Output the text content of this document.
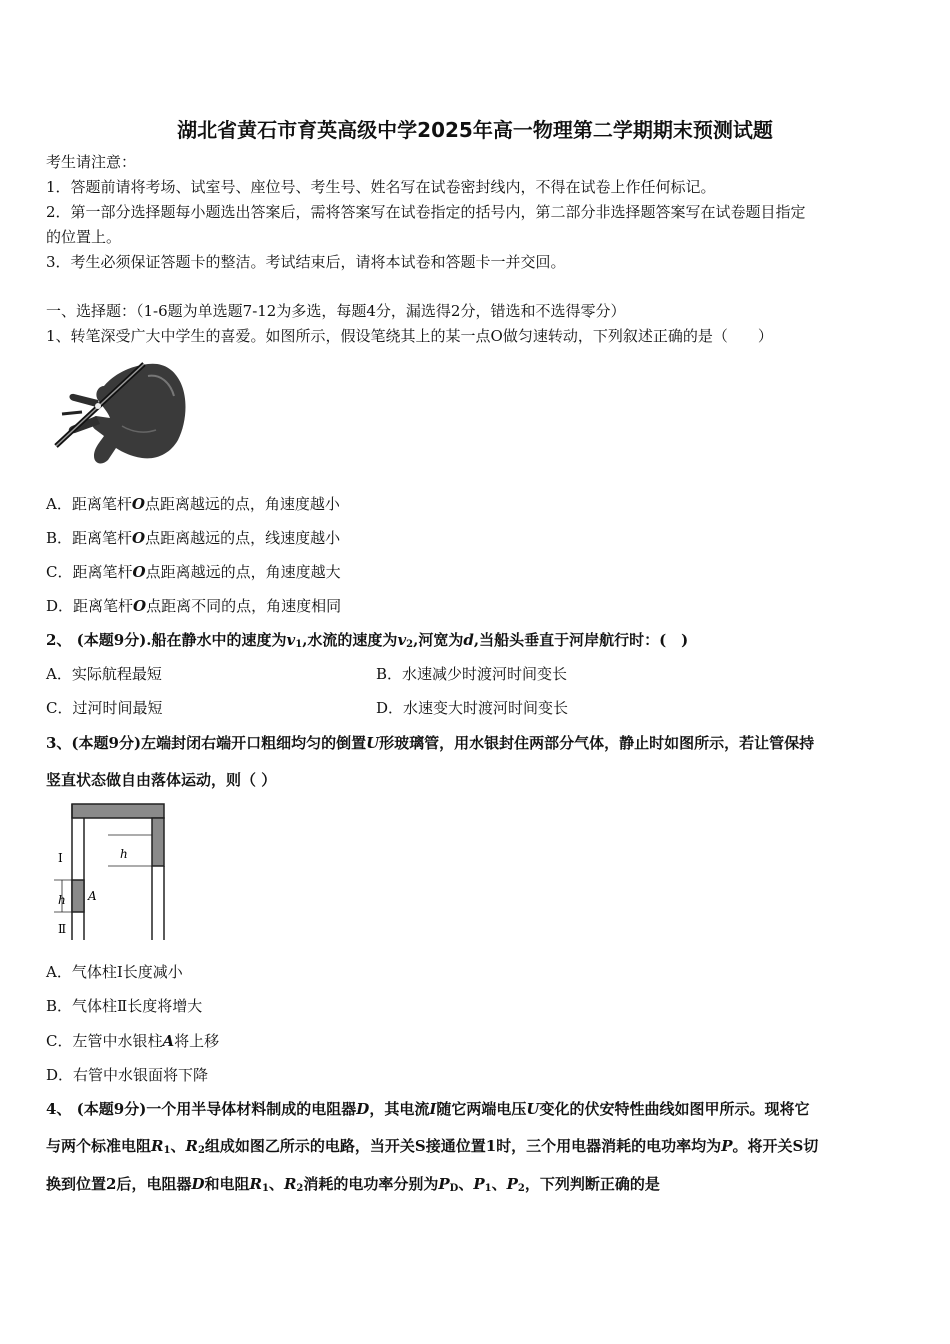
湖北省黄石市育英高级中学2025年高一物理第二学期期末预测试题
考生请注意：
1．答题前请将考场、试室号、座位号、考生号、姓名写在试卷密封线内，不得在试卷上作任何标记。
2．第一部分选择题每小题选出答案后，需将答案写在试卷指定的括号内，第二部分非选择题答案写在试卷题目指定
的位置上。
3．考生必须保证答题卡的整洁。考试结束后，请将本试卷和答题卡一并交回。
一、选择题：（1-6题为单选题7-12为多选，每题4分，漏选得2分，错选和不选得零分）
1、转笔深受广大中学生的喜爱。如图所示，假设笔绕其上的某一点O做匀速转动，下列叙述正确的是（　　）
A．距离笔杆O点距离越远的点，角速度越小
B．距离笔杆O点距离越远的点，线速度越小
C．距离笔杆O点距离越远的点，角速度越大
D．距离笔杆O点距离不同的点，角速度相同
2、 (本题9分).船在静水中的速度为$v_1$,水流的速度为$v_2$,河宽为d,当船头垂直于河岸航行时：(　)
A．实际航程最短	B．水速减少时渡河时间变长
C．过河时间最短	D．水速变大时渡河时间变长
3、(本题9分)左端封闭右端开口粗细均匀的倒置U形玻璃管，用水银封住两部分气体，静止时如图所示，若让管保持
竖直状态做自由落体运动，则（ ）
Ⅰ
Ⅱ
h
h A
A．气体柱Ⅰ长度减小
B．气体柱Ⅱ长度将增大
C．左管中水银柱A将上移
D．右管中水银面将下降
4、 (本题9分)一个用半导体材料制成的电阻器D，其电流I随它两端电压U变化的伏安特性曲线如图甲所示。现将它
与两个标准电阻$R_1$、$R_2$组成如图乙所示的电路，当开关S接通位置1时，三个用电器消耗的电功率均为P。将开关S切
换到位置2后，电阻器D和电阻$R_1$、$R_2$消耗的电功率分别为$P_D$、$P_1$、$P_2$，下列判断正确的是
